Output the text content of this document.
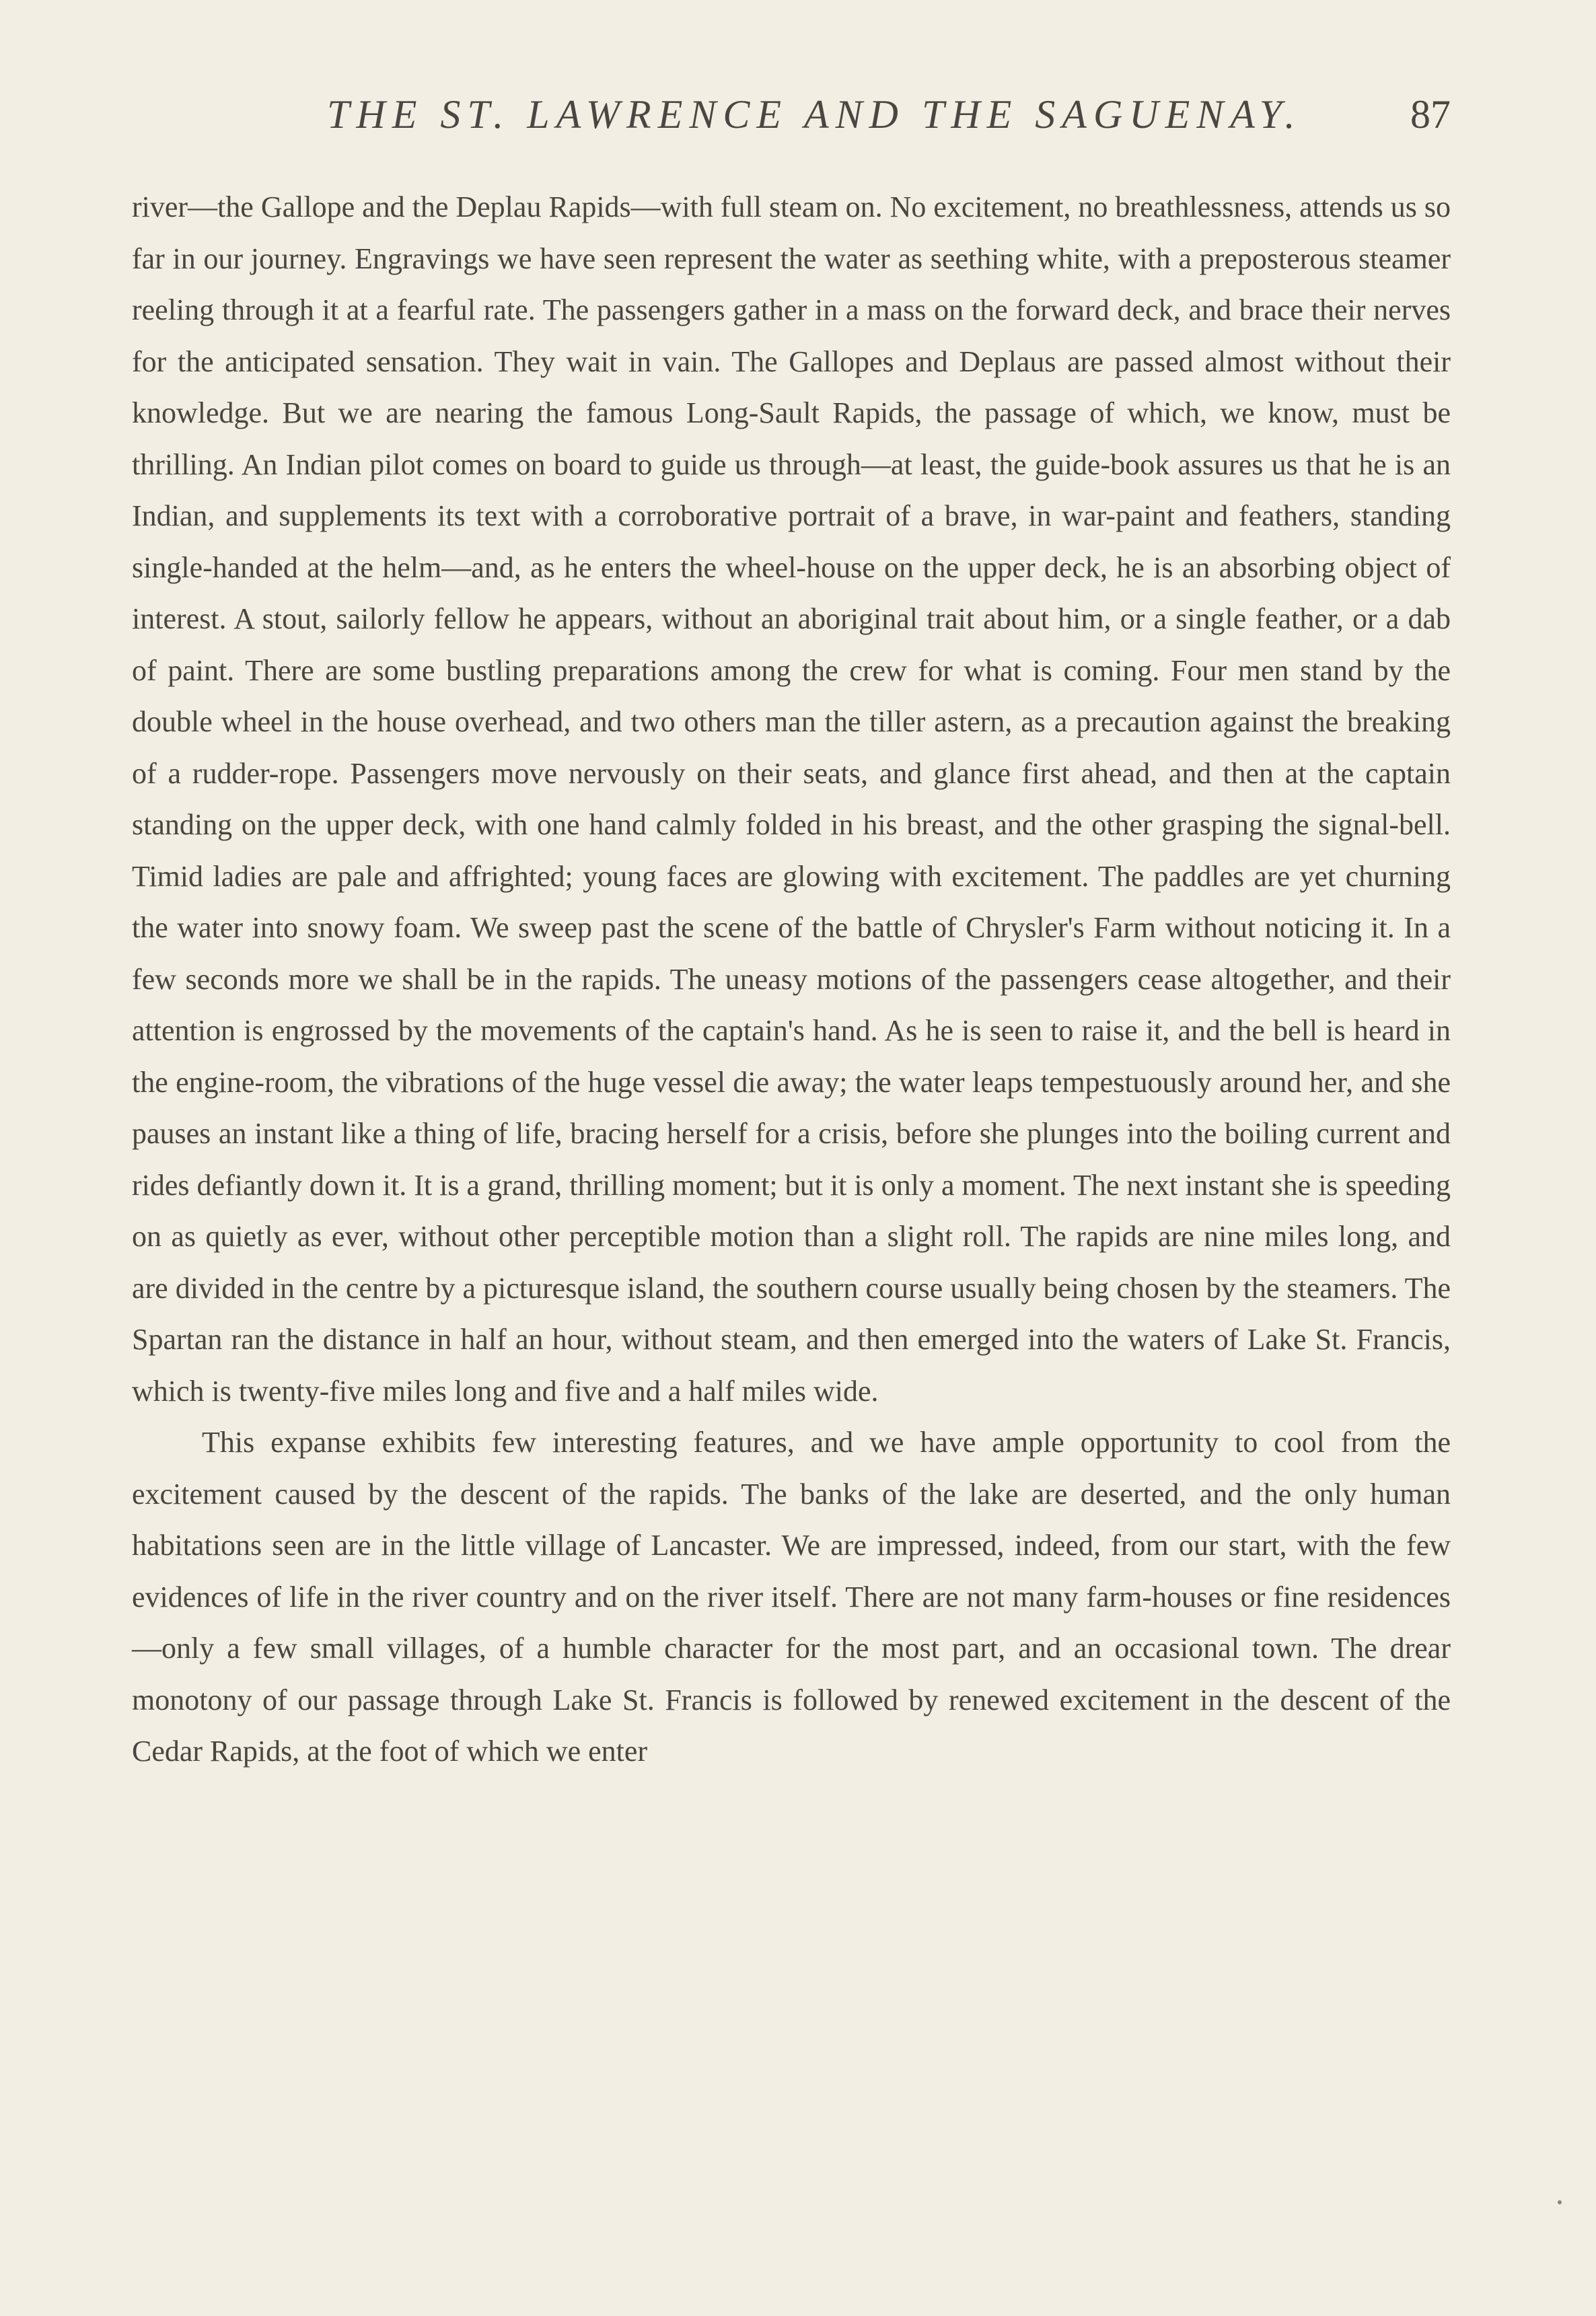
THE ST. LAWRENCE AND THE SAGUENAY.	87

river—the Gallope and the Deplau Rapids—with full steam on. No excitement, no breathlessness, attends us so far in our journey. Engravings we have seen represent the water as seething white, with a preposterous steamer reeling through it at a fearful rate. The passengers gather in a mass on the forward deck, and brace their nerves for the anticipated sensation. They wait in vain. The Gallopes and Deplaus are passed almost without their knowledge. But we are nearing the famous Long-Sault Rapids, the passage of which, we know, must be thrilling. An Indian pilot comes on board to guide us through—at least, the guide-book assures us that he is an Indian, and supplements its text with a corroborative portrait of a brave, in war-paint and feathers, standing single-handed at the helm—and, as he enters the wheel-house on the upper deck, he is an absorbing object of interest. A stout, sailorly fellow he appears, without an aboriginal trait about him, or a single feather, or a dab of paint. There are some bustling preparations among the crew for what is coming. Four men stand by the double wheel in the house overhead, and two others man the tiller astern, as a precaution against the breaking of a rudder-rope. Passengers move nervously on their seats, and glance first ahead, and then at the captain standing on the upper deck, with one hand calmly folded in his breast, and the other grasping the signal-bell. Timid ladies are pale and affrighted; young faces are glowing with excitement. The paddles are yet churning the water into snowy foam. We sweep past the scene of the battle of Chrysler's Farm without noticing it. In a few seconds more we shall be in the rapids. The uneasy motions of the passengers cease altogether, and their attention is engrossed by the movements of the captain's hand. As he is seen to raise it, and the bell is heard in the engine-room, the vibrations of the huge vessel die away; the water leaps tempestuously around her, and she pauses an instant like a thing of life, bracing herself for a crisis, before she plunges into the boiling current and rides defiantly down it. It is a grand, thrilling moment; but it is only a moment. The next instant she is speeding on as quietly as ever, without other perceptible motion than a slight roll. The rapids are nine miles long, and are divided in the centre by a picturesque island, the southern course usually being chosen by the steamers. The Spartan ran the distance in half an hour, without steam, and then emerged into the waters of Lake St. Francis, which is twenty-five miles long and five and a half miles wide.

This expanse exhibits few interesting features, and we have ample opportunity to cool from the excitement caused by the descent of the rapids. The banks of the lake are deserted, and the only human habitations seen are in the little village of Lancaster. We are impressed, indeed, from our start, with the few evidences of life in the river country and on the river itself. There are not many farm-houses or fine residences—only a few small villages, of a humble character for the most part, and an occasional town. The drear monotony of our passage through Lake St. Francis is followed by renewed excitement in the descent of the Cedar Rapids, at the foot of which we enter
